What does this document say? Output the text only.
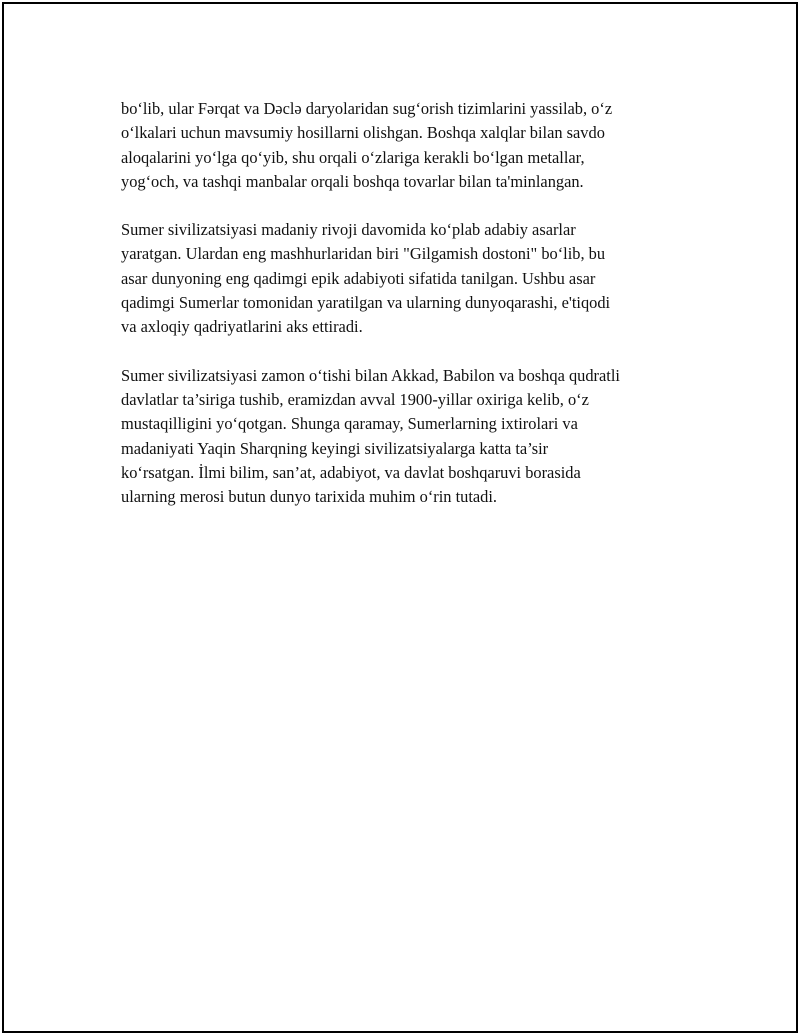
bo‘lib, ular Fərqat va Dəclə daryolaridan sug‘orish tizimlarini yassilab, o‘z
o‘lkalari uchun mavsumiy hosillarni olishgan. Boshqa xalqlar bilan savdo
aloqalarini yo‘lga qo‘yib, shu orqali o‘zlariga kerakli bo‘lgan metallar,
yog‘och, va tashqi manbalar orqali boshqa tovarlar bilan ta'minlangan.

Sumer sivilizatsiyasi madaniy rivoji davomida ko‘plab adabiy asarlar
yaratgan. Ulardan eng mashhurlaridan biri "Gilgamish dostoni" bo‘lib, bu
asar dunyoning eng qadimgi epik adabiyoti sifatida tanilgan. Ushbu asar
qadimgi Sumerlar tomonidan yaratilgan va ularning dunyoqarashi, e'tiqodi
va axloqiy qadriyatlarini aks ettiradi.

Sumer sivilizatsiyasi zamon o‘tishi bilan Akkad, Babilon va boshqa qudratli
davlatlar ta’siriga tushib, eramizdan avval 1900-yillar oxiriga kelib, o‘z
mustaqilligini yo‘qotgan. Shunga qaramay, Sumerlarning ixtirolari va
madaniyati Yaqin Sharqning keyingi sivilizatsiyalarga katta ta’sir
ko‘rsatgan. İlmi bilim, san’at, adabiyot, va davlat boshqaruvi borasida
ularning merosi butun dunyo tarixida muhim o‘rin tutadi.
